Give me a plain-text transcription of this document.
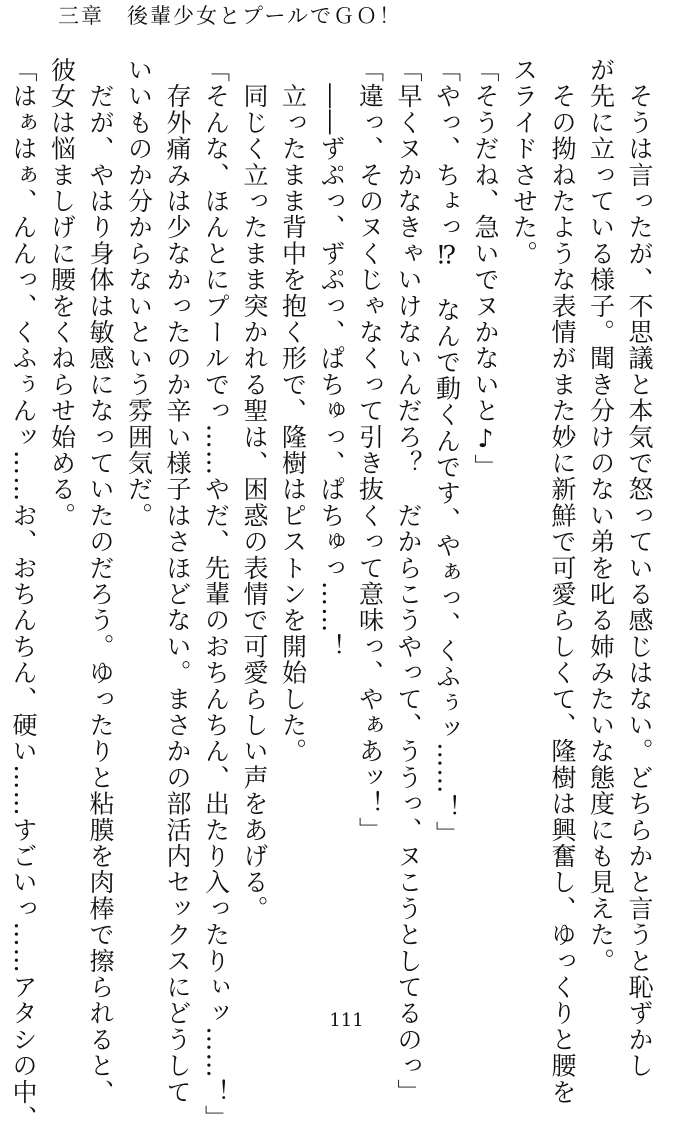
三章　後輩少女とプールでＧＯ！

　そうは言ったが、不思議と本気で怒っている感じはない。どちらかと言うと恥ずかし

が先に立っている様子。聞き分けのない弟を叱る姉みたいな態度にも見えた。

　その拗ねたような表情がまた妙に新鮮で可愛らしくて、隆樹は興奮し、ゆっくりと腰を

スライドさせた。

「そうだね、急いでヌかないと♪」

「やっ、ちょっ⁉　なんで動くんです、やぁっ、くふぅッ……！」

「早くヌかなきゃいけないんだろ？　だからこうやって、ううっ、ヌこうとしてるのっ」

「違っ、そのヌくじゃなくって引き抜くって意味っ、やぁあッ！」

　――ずぷっ、ずぷっ、ぱちゅっ、ぱちゅっ……！

　立ったまま背中を抱く形で、隆樹はピストンを開始した。

　同じく立ったまま突かれる聖は、困惑の表情で可愛らしい声をあげる。

「そんな、ほんとにプールでっ……やだ、先輩のおちんちん、出たり入ったりぃッ……！」

　存外痛みは少なかったのか辛い様子はさほどない。まさかの部活内セックスにどうして

いいものか分からないという雰囲気だ。

　だが、やはり身体は敏感になっていたのだろう。ゆったりと粘膜を肉棒で擦られると、

彼女は悩ましげに腰をくねらせ始める。

「はぁはぁ、んんっ、くふぅんッ……お、おちんちん、硬い……すごいっ……アタシの中、	111
